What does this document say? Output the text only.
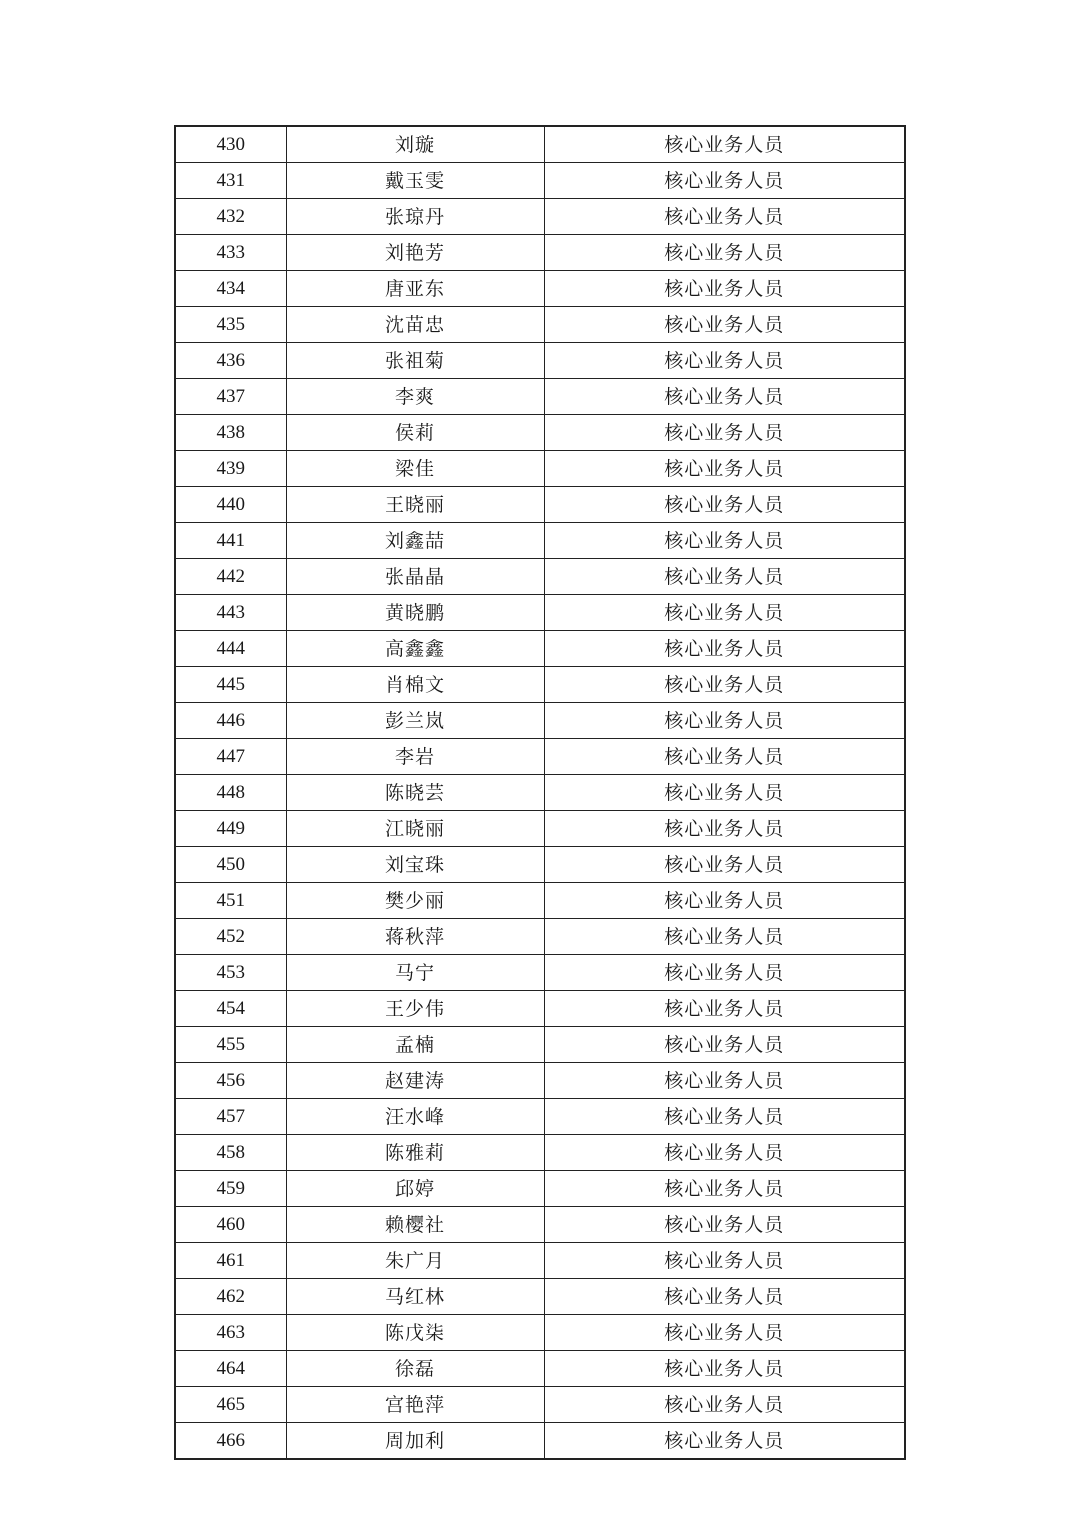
430	刘璇	核心业务人员
431	戴玉雯	核心业务人员
432	张琼丹	核心业务人员
433	刘艳芳	核心业务人员
434	唐亚东	核心业务人员
435	沈苗忠	核心业务人员
436	张祖菊	核心业务人员
437	李爽	核心业务人员
438	侯莉	核心业务人员
439	梁佳	核心业务人员
440	王晓丽	核心业务人员
441	刘鑫喆	核心业务人员
442	张晶晶	核心业务人员
443	黄晓鹏	核心业务人员
444	高鑫鑫	核心业务人员
445	肖棉文	核心业务人员
446	彭兰岚	核心业务人员
447	李岩	核心业务人员
448	陈晓芸	核心业务人员
449	江晓丽	核心业务人员
450	刘宝珠	核心业务人员
451	樊少丽	核心业务人员
452	蒋秋萍	核心业务人员
453	马宁	核心业务人员
454	王少伟	核心业务人员
455	孟楠	核心业务人员
456	赵建涛	核心业务人员
457	汪水峰	核心业务人员
458	陈雅莉	核心业务人员
459	邱婷	核心业务人员
460	赖樱社	核心业务人员
461	朱广月	核心业务人员
462	马红林	核心业务人员
463	陈戊柒	核心业务人员
464	徐磊	核心业务人员
465	宫艳萍	核心业务人员
466	周加利	核心业务人员
